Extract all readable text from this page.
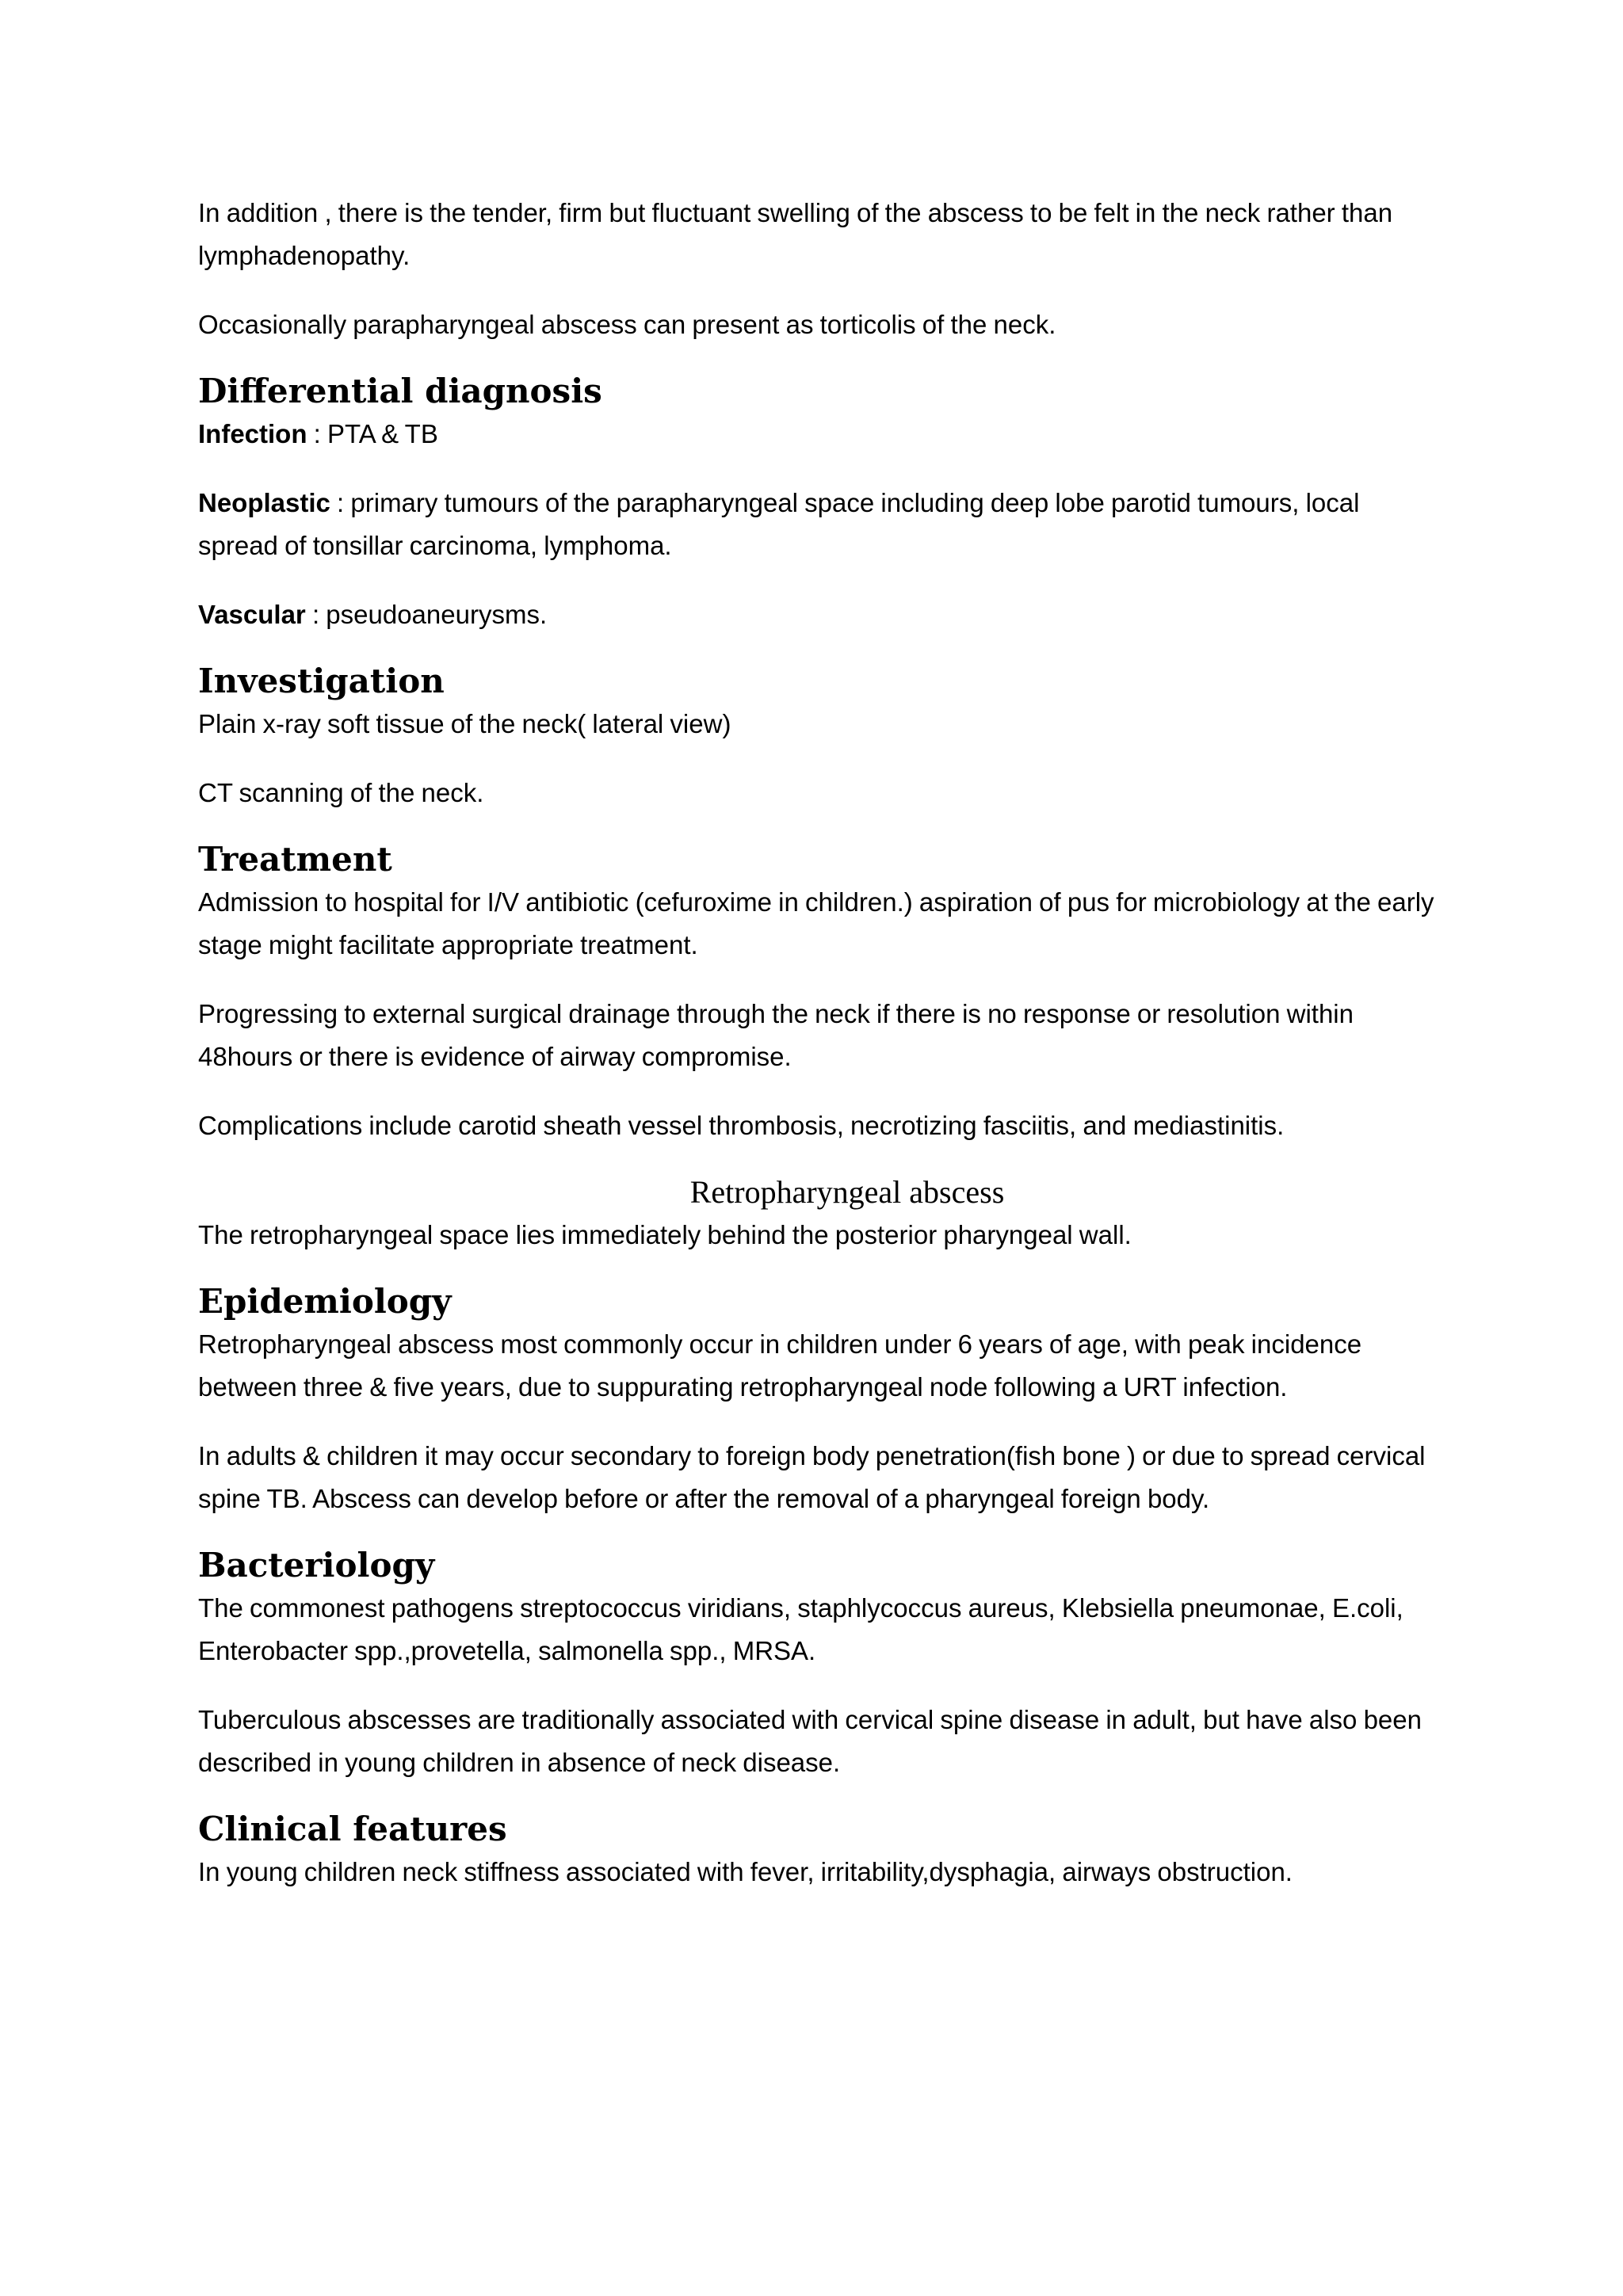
In addition , there is the tender, firm but fluctuant swelling of the abscess to be felt in the neck rather than lymphadenopathy.

Occasionally parapharyngeal abscess can present as torticolis of the neck.

Differential diagnosis

Infection : PTA & TB

Neoplastic : primary tumours of the parapharyngeal space including deep lobe parotid tumours, local spread of tonsillar carcinoma, lymphoma.

Vascular : pseudoaneurysms.

Investigation

Plain x-ray soft tissue of the neck( lateral view)

CT scanning of the neck.

Treatment

Admission to hospital for I/V antibiotic (cefuroxime in children.) aspiration of pus for microbiology at the early stage might facilitate appropriate treatment.

Progressing to external surgical drainage through the neck if there is no response or resolution within 48hours or there is evidence of airway compromise.

Complications include carotid sheath vessel thrombosis, necrotizing fasciitis, and mediastinitis.

Retropharyngeal abscess

The retropharyngeal space lies immediately behind the posterior pharyngeal wall.

Epidemiology

Retropharyngeal abscess most commonly occur in children under 6 years of age, with peak incidence between three & five years, due to suppurating retropharyngeal node following a URT infection.

In adults & children it may occur secondary to foreign body penetration(fish bone ) or due to spread cervical spine TB. Abscess can develop before or after the removal of a pharyngeal foreign body.

Bacteriology

The commonest pathogens streptococcus viridians, staphlycoccus aureus, Klebsiella pneumonae, E.coli, Enterobacter spp.,provetella, salmonella spp., MRSA.

Tuberculous abscesses are traditionally associated with cervical spine disease in adult, but have also been described in young children in absence of neck disease.

Clinical features

In young children neck stiffness associated with fever, irritability,dysphagia, airways obstruction.
